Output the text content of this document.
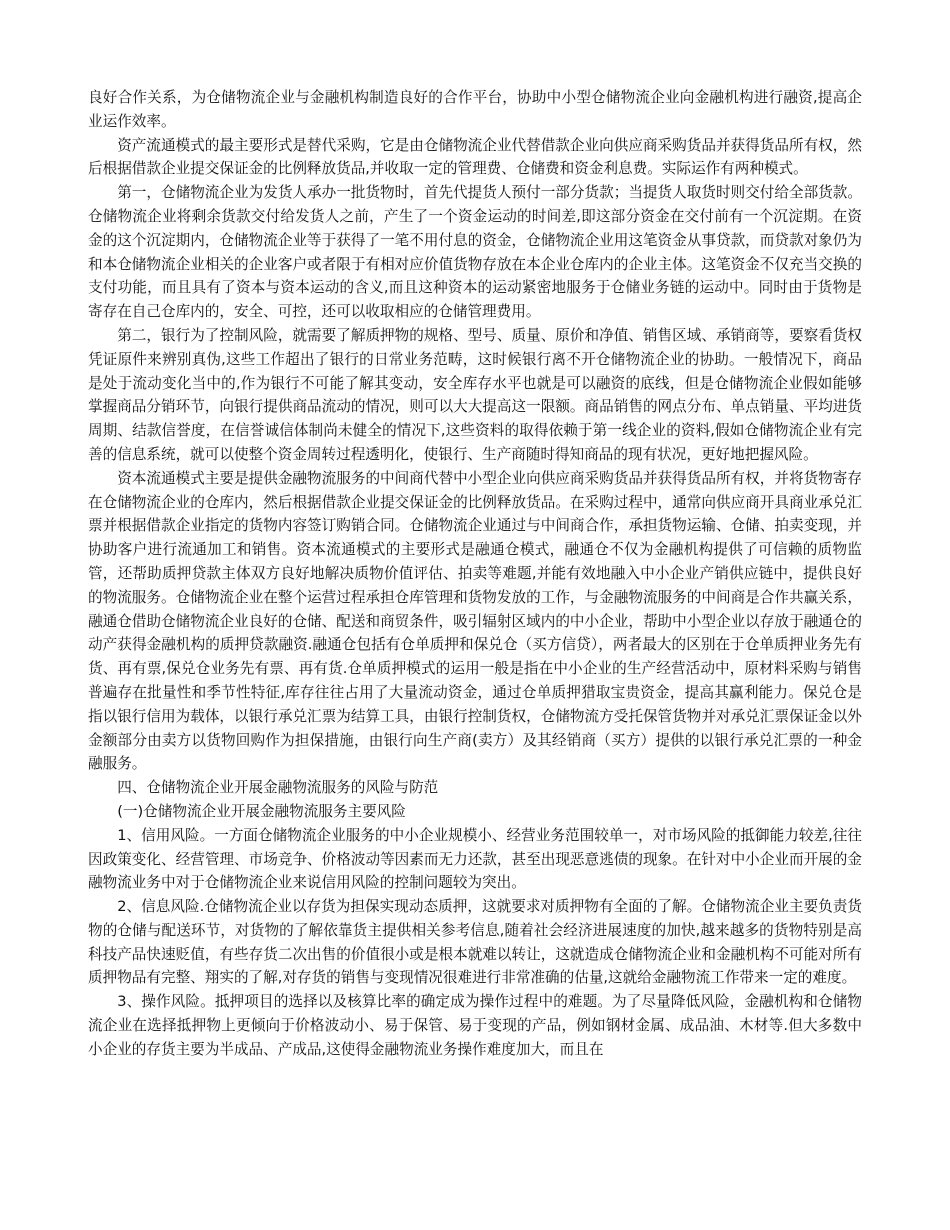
良好合作关系，为仓储物流企业与金融机构制造良好的合作平台，协助中小型仓储物流企业向金融机构进行融资,提高企业运作效率。

资产流通模式的最主要形式是替代采购，它是由仓储物流企业代替借款企业向供应商采购货品并获得货品所有权，然后根据借款企业提交保证金的比例释放货品,并收取一定的管理费、仓储费和资金利息费。实际运作有两种模式。

第一，仓储物流企业为发货人承办一批货物时，首先代提货人预付一部分货款；当提货人取货时则交付给全部货款。仓储物流企业将剩余货款交付给发货人之前，产生了一个资金运动的时间差,即这部分资金在交付前有一个沉淀期。在资金的这个沉淀期内，仓储物流企业等于获得了一笔不用付息的资金，仓储物流企业用这笔资金从事贷款，而贷款对象仍为和本仓储物流企业相关的企业客户或者限于有相对应价值货物存放在本企业仓库内的企业主体。这笔资金不仅充当交换的支付功能，而且具有了资本与资本运动的含义,而且这种资本的运动紧密地服务于仓储业务链的运动中。同时由于货物是寄存在自己仓库内的，安全、可控，还可以收取相应的仓储管理费用。

第二，银行为了控制风险，就需要了解质押物的规格、型号、质量、原价和净值、销售区域、承销商等，要察看货权凭证原件来辨别真伪,这些工作超出了银行的日常业务范畴，这时候银行离不开仓储物流企业的协助。一般情况下，商品是处于流动变化当中的,作为银行不可能了解其变动，安全库存水平也就是可以融资的底线，但是仓储物流企业假如能够掌握商品分销环节，向银行提供商品流动的情况，则可以大大提高这一限额。商品销售的网点分布、单点销量、平均进货周期、结款信誉度，在信誉诚信体制尚未健全的情况下,这些资料的取得依赖于第一线企业的资料,假如仓储物流企业有完善的信息系统，就可以使整个资金周转过程透明化，使银行、生产商随时得知商品的现有状况，更好地把握风险。

资本流通模式主要是提供金融物流服务的中间商代替中小型企业向供应商采购货品并获得货品所有权，并将货物寄存在仓储物流企业的仓库内，然后根据借款企业提交保证金的比例释放货品。在采购过程中，通常向供应商开具商业承兑汇票并根据借款企业指定的货物内容签订购销合同。仓储物流企业通过与中间商合作，承担货物运输、仓储、拍卖变现，并协助客户进行流通加工和销售。资本流通模式的主要形式是融通仓模式，融通仓不仅为金融机构提供了可信赖的质物监管，还帮助质押贷款主体双方良好地解决质物价值评估、拍卖等难题,并能有效地融入中小企业产销供应链中，提供良好的物流服务。仓储物流企业在整个运营过程承担仓库管理和货物发放的工作，与金融物流服务的中间商是合作共赢关系，融通仓借助仓储物流企业良好的仓储、配送和商贸条件，吸引辐射区域内的中小企业，帮助中小型企业以存放于融通仓的动产获得金融机构的质押贷款融资.融通仓包括有仓单质押和保兑仓（买方信贷），两者最大的区别在于仓单质押业务先有货、再有票,保兑仓业务先有票、再有货.仓单质押模式的运用一般是指在中小企业的生产经营活动中，原材料采购与销售普遍存在批量性和季节性特征,库存往往占用了大量流动资金，通过仓单质押猎取宝贵资金，提高其赢利能力。保兑仓是指以银行信用为载体，以银行承兑汇票为结算工具，由银行控制货权，仓储物流方受托保管货物并对承兑汇票保证金以外金额部分由卖方以货物回购作为担保措施，由银行向生产商(卖方）及其经销商（买方）提供的以银行承兑汇票的一种金融服务。

四、仓储物流企业开展金融物流服务的风险与防范

(一)仓储物流企业开展金融物流服务主要风险

1、信用风险。一方面仓储物流企业服务的中小企业规模小、经营业务范围较单一，对市场风险的抵御能力较差,往往因政策变化、经营管理、市场竞争、价格波动等因素而无力还款，甚至出现恶意逃债的现象。在针对中小企业而开展的金融物流业务中对于仓储物流企业来说信用风险的控制问题较为突出。

2、信息风险.仓储物流企业以存货为担保实现动态质押，这就要求对质押物有全面的了解。仓储物流企业主要负责货物的仓储与配送环节，对货物的了解依靠货主提供相关参考信息,随着社会经济进展速度的加快,越来越多的货物特别是高科技产品快速贬值，有些存货二次出售的价值很小或是根本就难以转让，这就造成仓储物流企业和金融机构不可能对所有质押物品有完整、翔实的了解,对存货的销售与变现情况很难进行非常准确的估量,这就给金融物流工作带来一定的难度。

3、操作风险。抵押项目的选择以及核算比率的确定成为操作过程中的难题。为了尽量降低风险，金融机构和仓储物流企业在选择抵押物上更倾向于价格波动小、易于保管、易于变现的产品，例如钢材金属、成品油、木材等.但大多数中小企业的存货主要为半成品、产成品,这使得金融物流业务操作难度加大，而且在
